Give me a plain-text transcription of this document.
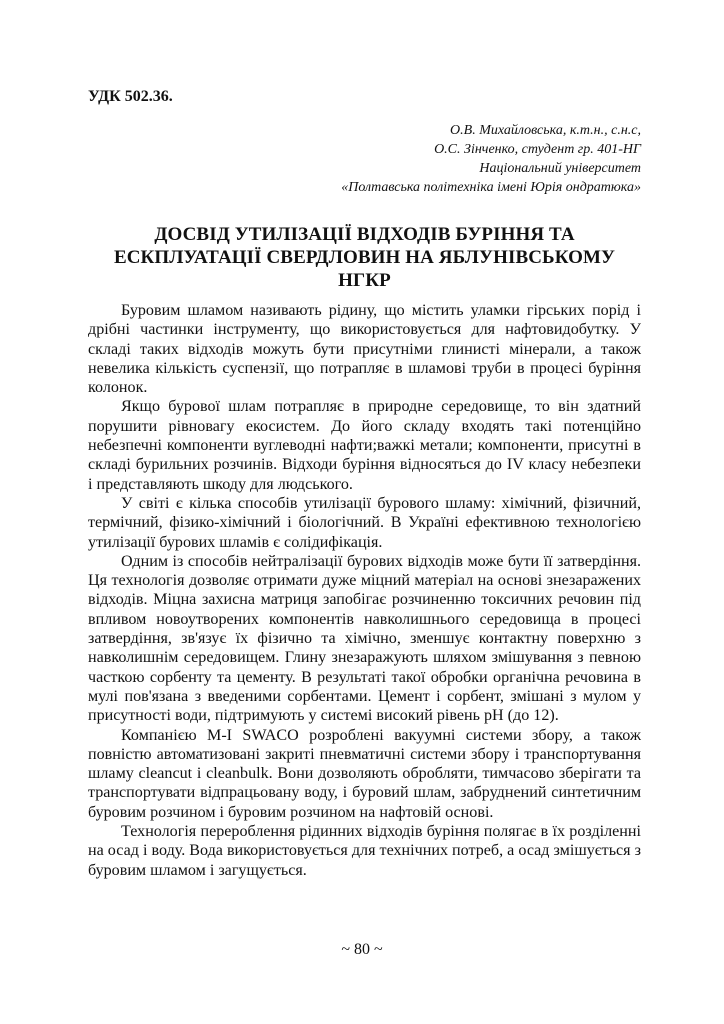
УДК 502.36.
О.В. Михайловська, к.т.н., с.н.с,
О.С. Зінченко, студент гр. 401-НГ
Національний університет
«Полтавська політехніка імені Юрія ондратюка»
ДОСВІД УТИЛІЗАЦІЇ ВІДХОДІВ БУРІННЯ ТА
ЕСКПЛУАТАЦІЇ СВЕРДЛОВИН НА ЯБЛУНІВСЬКОМУ
НГКР

Буровим шламом називають рідину, що містить уламки гірських порід і дрібні частинки інструменту, що використовується для нафтовидобутку. У складі таких відходів можуть бути присутніми глинисті мінерали, а також невелика кількість суспензії, що потрапляє в шламові труби в процесі буріння колонок.

Якщо бурової шлам потрапляє в природне середовище, то він здатний порушити рівновагу екосистем. До його складу входять такі потенційно небезпечні компоненти вуглеводні нафти;важкі метали; компоненти, присутні в складі бурильних розчинів. Відходи буріння відносяться до IV класу небезпеки і представляють шкоду для людського.

У світі є кілька способів утилізації бурового шламу: хімічний, фізичний, термічний, фізико-хімічний і біологічний. В Україні ефективною технологією утилізації бурових шламів є солідифікація.

Одним із способів нейтралізації бурових відходів може бути її затвердіння. Ця технологія дозволяє отримати дуже міцний матеріал на основі знезаражених відходів. Міцна захисна матриця запобігає розчиненню токсичних речовин під впливом новоутворених компонентів навколишнього середовища в процесі затвердіння, зв'язує їх фізично та хімічно, зменшує контактну поверхню з навколишнім середовищем. Глину знезаражують шляхом змішування з певною часткою сорбенту та цементу. В результаті такої обробки органічна речовина в мулі пов'язана з введеними сорбентами. Цемент і сорбент, змішані з мулом у присутності води, підтримують у системі високий рівень pH (до 12).

Компанією M-I SWACO розроблені вакуумні системи збору, а також повністю автоматизовані закриті пневматичні системи збору і транспортування шламу cleancut і cleanbulk. Вони дозволяють обробляти, тимчасово зберігати та транспортувати відпрацьовану воду, і буровий шлам, забруднений синтетичним буровим розчином і буровим розчином на нафтовій основі.

Технологія перероблення рідинних відходів буріння полягає в їх розділенні на осад і воду. Вода використовується для технічних потреб, а осад змішується з буровим шламом і загущується.

~ 80 ~
